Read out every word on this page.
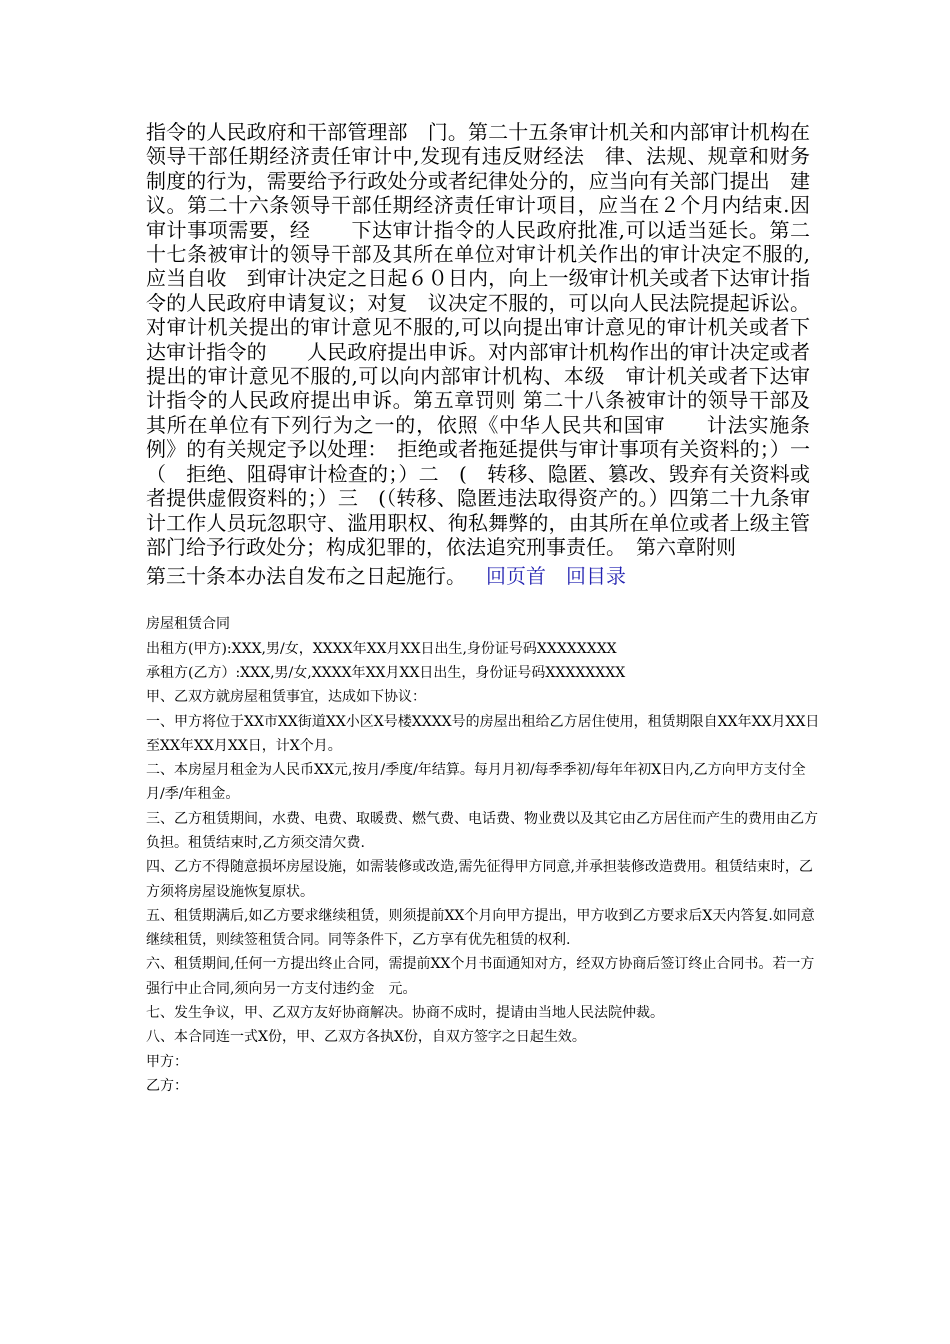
指令的人民政府和干部管理部　门。第二十五条审计机关和内部审计机构在领导干部任期经济责任审计中,发现有违反财经法　律、法规、规章和财务制度的行为，需要给予行政处分或者纪律处分的，应当向有关部门提出　建议。第二十六条领导干部任期经济责任审计项目，应当在２个月内结束.因审计事项需要，经　　下达审计指令的人民政府批准,可以适当延长。第二十七条被审计的领导干部及其所在单位对审计机关作出的审计决定不服的,应当自收　到审计决定之日起６０日内，向上一级审计机关或者下达审计指令的人民政府申请复议；对复　议决定不服的，可以向人民法院提起诉讼。对审计机关提出的审计意见不服的,可以向提出审计意见的审计机关或者下达审计指令的　　人民政府提出申诉。对内部审计机构作出的审计决定或者提出的审计意见不服的,可以向内部审计机构、本级　审计机关或者下达审计指令的人民政府提出申诉。第五章罚则 第二十八条被审计的领导干部及其所在单位有下列行为之一的，依照《中华人民共和国审　　计法实施条例》的有关规定予以处理：　拒绝或者拖延提供与审计事项有关资料的；）一　（　拒绝、阻碍审计检查的；）二　(　转移、隐匿、篡改、毁弃有关资料或者提供虚假资料的；）三　(（转移、隐匿违法取得资产的。）四第二十九条审计工作人员玩忽职守、滥用职权、徇私舞弊的，由其所在单位或者上级主管部门给予行政处分；构成犯罪的，依法追究刑事责任。　第六章附则

第三十条本办法自发布之日起施行。 回页首 回目录

房屋租赁合同

出租方(甲方):XXX,男/女，XXXX年XX月XX日出生,身份证号码XXXXXXXX

承租方(乙方）:XXX,男/女,XXXX年XX月XX日出生，身份证号码XXXXXXXX

甲、乙双方就房屋租赁事宜，达成如下协议：

一、甲方将位于XX市XX街道XX小区X号楼XXXX号的房屋出租给乙方居住使用，租赁期限自XX年XX月XX日至XX年XX月XX日，计X个月。

二、本房屋月租金为人民币XX元,按月/季度/年结算。每月月初/每季季初/每年年初X日内,乙方向甲方支付全月/季/年租金。

三、乙方租赁期间，水费、电费、取暖费、燃气费、电话费、物业费以及其它由乙方居住而产生的费用由乙方负担。租赁结束时,乙方须交清欠费.

四、乙方不得随意损坏房屋设施，如需装修或改造,需先征得甲方同意,并承担装修改造费用。租赁结束时，乙方须将房屋设施恢复原状。

五、租赁期满后,如乙方要求继续租赁，则须提前XX个月向甲方提出，甲方收到乙方要求后X天内答复.如同意继续租赁，则续签租赁合同。同等条件下，乙方享有优先租赁的权利.

六、租赁期间,任何一方提出终止合同，需提前XX个月书面通知对方，经双方协商后签订终止合同书。若一方强行中止合同,须向另一方支付违约金　元。

七、发生争议，甲、乙双方友好协商解决。协商不成时，提请由当地人民法院仲裁。

八、本合同连一式X份，甲、乙双方各执X份，自双方签字之日起生效。

甲方：

乙方：
